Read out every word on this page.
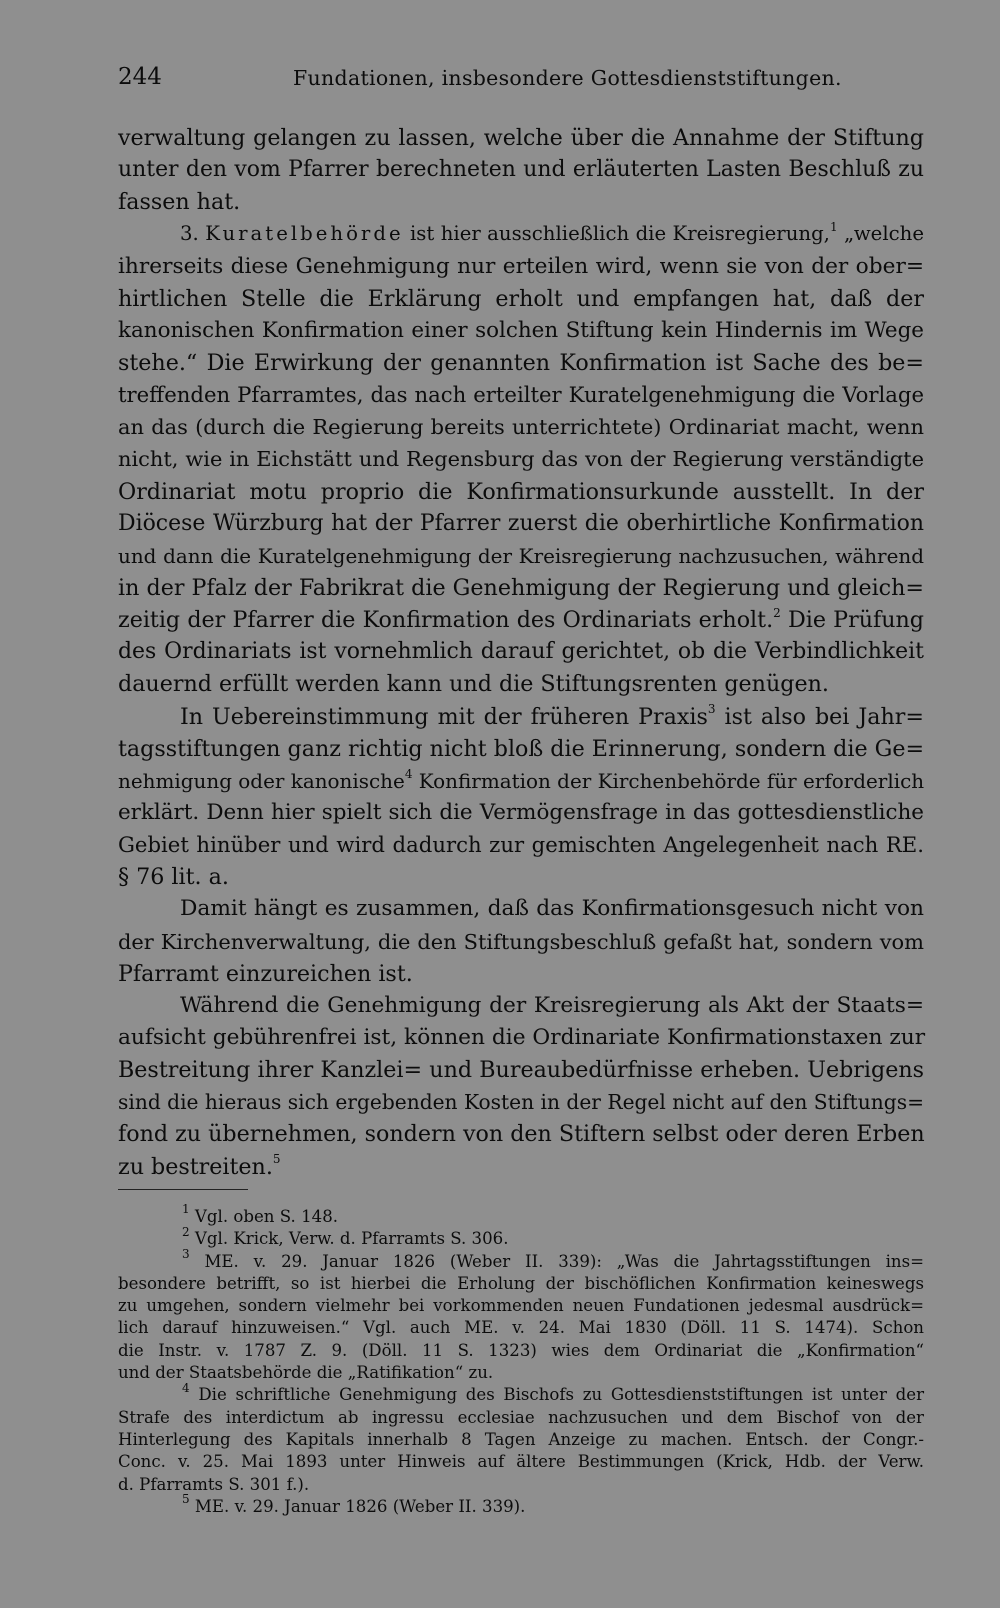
244	Fundationen, insbesondere Gottesdienststiftungen.
verwaltung gelangen zu lassen, welche über die Annahme der Stiftung
unter den vom Pfarrer berechneten und erläuterten Lasten Beschluß zu
fassen hat.
3. Kuratelbehörde ist hier ausschließlich die Kreisregierung,$^1$ „welche
ihrerseits diese Genehmigung nur erteilen wird, wenn sie von der ober=
hirtlichen Stelle die Erklärung erholt und empfangen hat, daß der
kanonischen Konfirmation einer solchen Stiftung kein Hindernis im Wege
stehe.“ Die Erwirkung der genannten Konfirmation ist Sache des be=
treffenden Pfarramtes, das nach erteilter Kuratelgenehmigung die Vorlage
an das (durch die Regierung bereits unterrichtete) Ordinariat macht, wenn
nicht, wie in Eichstätt und Regensburg das von der Regierung verständigte
Ordinariat motu proprio die Konfirmationsurkunde ausstellt. In der
Diöcese Würzburg hat der Pfarrer zuerst die oberhirtliche Konfirmation
und dann die Kuratelgenehmigung der Kreisregierung nachzusuchen, während
in der Pfalz der Fabrikrat die Genehmigung der Regierung und gleich=
zeitig der Pfarrer die Konfirmation des Ordinariats erholt.$^2$ Die Prüfung
des Ordinariats ist vornehmlich darauf gerichtet, ob die Verbindlichkeit
dauernd erfüllt werden kann und die Stiftungsrenten genügen.
In Uebereinstimmung mit der früheren Praxis$^3$ ist also bei Jahr=
tagsstiftungen ganz richtig nicht bloß die Erinnerung, sondern die Ge=
nehmigung oder kanonische$^4$ Konfirmation der Kirchenbehörde für erforderlich
erklärt. Denn hier spielt sich die Vermögensfrage in das gottesdienstliche
Gebiet hinüber und wird dadurch zur gemischten Angelegenheit nach RE.
§ 76 lit. a.
Damit hängt es zusammen, daß das Konfirmationsgesuch nicht von
der Kirchenverwaltung, die den Stiftungsbeschluß gefaßt hat, sondern vom
Pfarramt einzureichen ist.
Während die Genehmigung der Kreisregierung als Akt der Staats=
aufsicht gebührenfrei ist, können die Ordinariate Konfirmationstaxen zur
Bestreitung ihrer Kanzlei= und Bureaubedürfnisse erheben. Uebrigens
sind die hieraus sich ergebenden Kosten in der Regel nicht auf den Stiftungs=
fond zu übernehmen, sondern von den Stiftern selbst oder deren Erben
zu bestreiten.$^5$
$^1$ Vgl. oben S. 148.
$^2$ Vgl. Krick, Verw. d. Pfarramts S. 306.
$^3$ ME. v. 29. Januar 1826 (Weber II. 339): „Was die Jahrtagsstiftungen ins=
besondere betrifft, so ist hierbei die Erholung der bischöflichen Konfirmation keineswegs
zu umgehen, sondern vielmehr bei vorkommenden neuen Fundationen jedesmal ausdrück=
lich darauf hinzuweisen.“ Vgl. auch ME. v. 24. Mai 1830 (Döll. 11 S. 1474). Schon
die Instr. v. 1787 Z. 9. (Döll. 11 S. 1323) wies dem Ordinariat die „Konfirmation“
und der Staatsbehörde die „Ratifikation“ zu.
$^4$ Die schriftliche Genehmigung des Bischofs zu Gottesdienststiftungen ist unter der
Strafe des interdictum ab ingressu ecclesiae nachzusuchen und dem Bischof von der
Hinterlegung des Kapitals innerhalb 8 Tagen Anzeige zu machen. Entsch. der Congr.-
Conc. v. 25. Mai 1893 unter Hinweis auf ältere Bestimmungen (Krick, Hdb. der Verw.
d. Pfarramts S. 301 f.).
$^5$ ME. v. 29. Januar 1826 (Weber II. 339).
